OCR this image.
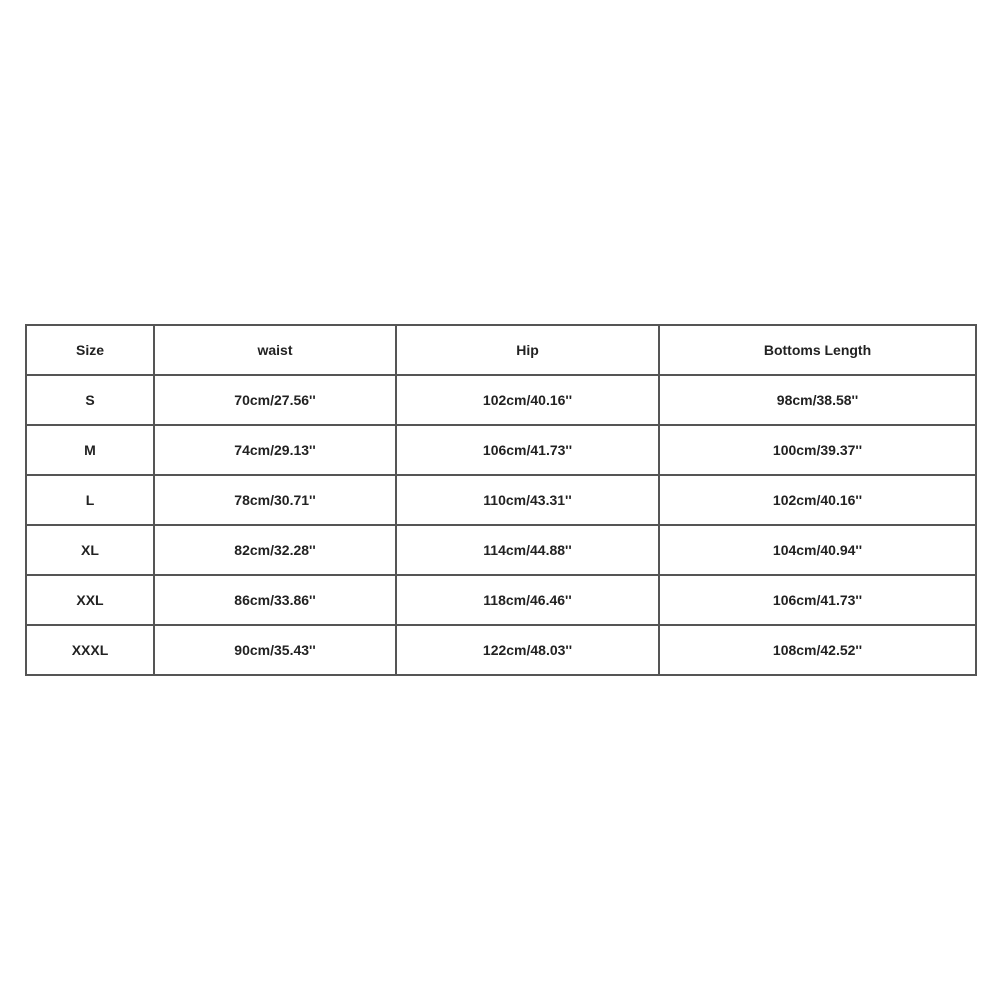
Size	waist	Hip	Bottoms Length
S	70cm/27.56''	102cm/40.16''	98cm/38.58''
M	74cm/29.13''	106cm/41.73''	100cm/39.37''
L	78cm/30.71''	110cm/43.31''	102cm/40.16''
XL	82cm/32.28''	114cm/44.88''	104cm/40.94''
XXL	86cm/33.86''	118cm/46.46''	106cm/41.73''
XXXL	90cm/35.43''	122cm/48.03''	108cm/42.52''
